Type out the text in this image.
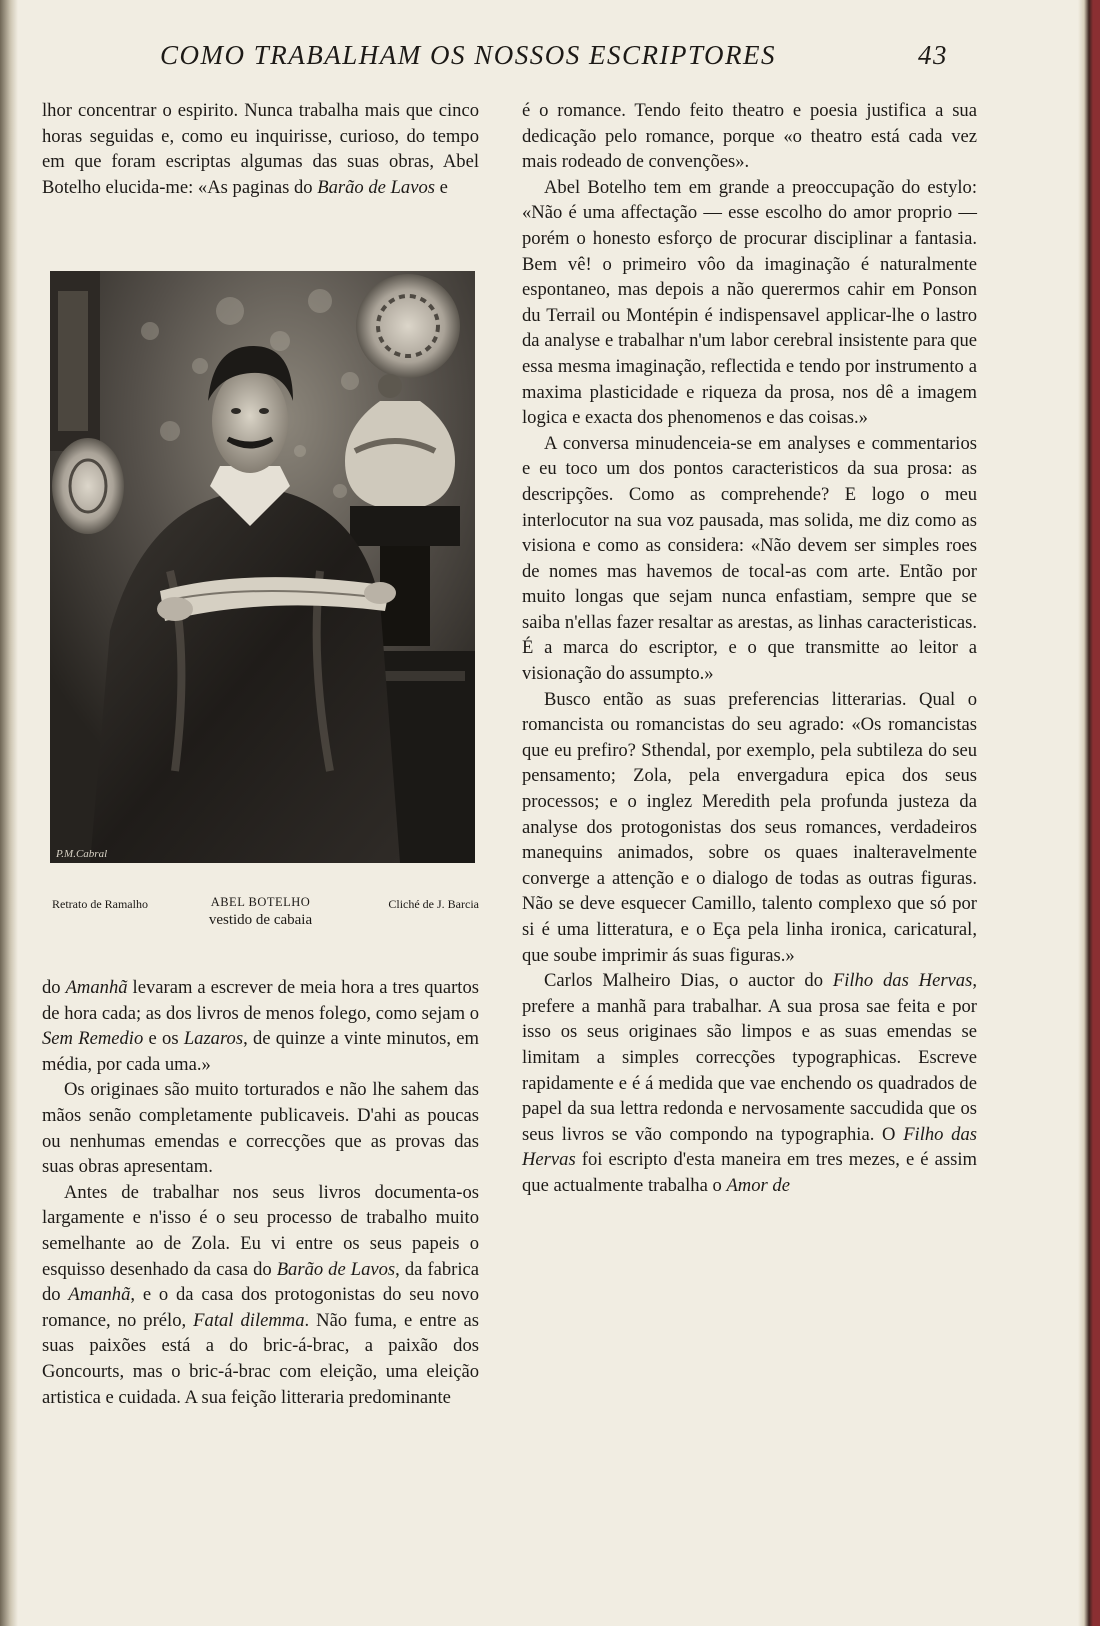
COMO TRABALHAM OS NOSSOS ESCRIPTORES	43

lhor concentrar o espirito. Nunca trabalha mais que cinco horas seguidas e, como eu inquirisse, curioso, do tempo em que foram escriptas algumas das suas obras, Abel Botelho elucida-me: «As paginas do Barão de Lavos e

do Amanhã levaram a escrever de meia hora a tres quartos de hora cada; as dos livros de menos folego, como sejam o Sem Remedio e os Lazaros, de quinze a vinte minutos, em média, por cada uma.»

Os originaes são muito torturados e não lhe sahem das mãos senão completamente publicaveis. D'ahi as poucas ou nenhumas emendas e correcções que as provas das suas obras apresentam.

Antes de trabalhar nos seus livros documenta-os largamente e n'isso é o seu processo de trabalho muito semelhante ao de Zola. Eu vi entre os seus papeis o esquisso desenhado da casa do Barão de Lavos, da fabrica do Amanhã, e o da casa dos protogonistas do seu novo romance, no prélo, Fatal dilemma. Não fuma, e entre as suas paixões está a do bric-á-brac, a paixão dos Goncourts, mas o bric-á-brac com eleição, uma eleição artistica e cuidada. A sua feição litteraria predominante

P.M.Cabral
Retrato de Ramalho	ABEL BOTELHO
vestido de cabaia
Cliché de J. Barcia

é o romance. Tendo feito theatro e poesia justifica a sua dedicação pelo romance, porque «o theatro está cada vez mais rodeado de convenções».

Abel Botelho tem em grande a preoccupação do estylo: «Não é uma affectação — esse escolho do amor proprio — porém o honesto esforço de procurar disciplinar a fantasia. Bem vê! o primeiro vôo da imaginação é naturalmente espontaneo, mas depois a não querermos cahir em Ponson du Terrail ou Montépin é indispensavel applicar-lhe o lastro da analyse e trabalhar n'um labor cerebral insistente para que essa mesma imaginação, reflectida e tendo por instrumento a maxima plasticidade e riqueza da prosa, nos dê a imagem logica e exacta dos phenomenos e das coisas.»

A conversa minudenceia-se em analyses e commentarios e eu toco um dos pontos caracteristicos da sua prosa: as descripções. Como as comprehende? E logo o meu interlocutor na sua voz pausada, mas solida, me diz como as visiona e como as considera: «Não devem ser simples roes de nomes mas havemos de tocal-as com arte. Então por muito longas que sejam nunca enfastiam, sempre que se saiba n'ellas fazer resaltar as arestas, as linhas caracteristicas. É a marca do escriptor, e o que transmitte ao leitor a visionação do assumpto.»

Busco então as suas preferencias litterarias. Qual o romancista ou romancistas do seu agrado: «Os romancistas que eu prefiro? Sthendal, por exemplo, pela subtileza do seu pensamento; Zola, pela envergadura epica dos seus processos; e o inglez Meredith pela profunda justeza da analyse dos protogonistas dos seus romances, verdadeiros manequins animados, sobre os quaes inalteravelmente converge a attenção e o dialogo de todas as outras figuras. Não se deve esquecer Camillo, talento complexo que só por si é uma litteratura, e o Eça pela linha ironica, caricatural, que soube imprimir ás suas figuras.»

Carlos Malheiro Dias, o auctor do Filho das Hervas, prefere a manhã para trabalhar. A sua prosa sae feita e por isso os seus originaes são limpos e as suas emendas se limitam a simples correcções typographicas. Escreve rapidamente e é á medida que vae enchendo os quadrados de papel da sua lettra redonda e nervosamente saccudida que os seus livros se vão compondo na typographia. O Filho das Hervas foi escripto d'esta maneira em tres mezes, e é assim que actualmente trabalha o Amor de
